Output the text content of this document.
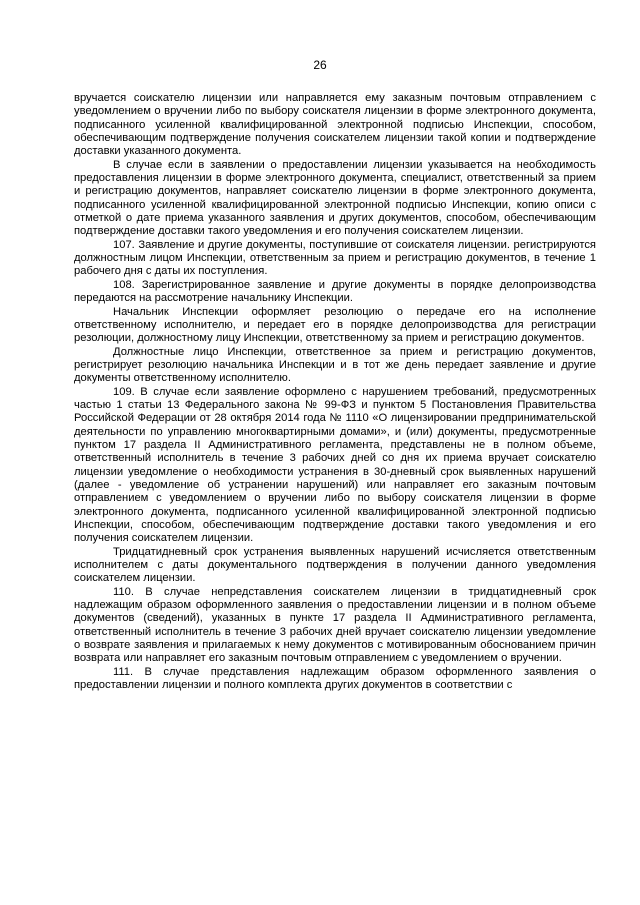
26

вручается соискателю лицензии или направляется ему заказным почтовым отправлением с уведомлением о вручении либо по выбору соискателя лицензии в форме электронного документа, подписанного усиленной квалифицированной электронной подписью Инспекции, способом, обеспечивающим подтверждение получения соискателем лицензии такой копии и подтверждение доставки указанного документа.

В случае если в заявлении о предоставлении лицензии указывается на необходимость предоставления лицензии в форме электронного документа, специалист, ответственный за прием и регистрацию документов, направляет соискателю лицензии в форме электронного документа, подписанного усиленной квалифицированной электронной подписью Инспекции, копию описи с отметкой о дате приема указанного заявления и других документов, способом, обеспечивающим подтверждение доставки такого уведомления и его получения соискателем лицензии.

107. Заявление и другие документы, поступившие от соискателя лицензии. регистрируются должностным лицом Инспекции, ответственным за прием и регистрацию документов, в течение 1 рабочего дня с даты их поступления.

108. Зарегистрированное заявление и другие документы в порядке делопроизводства передаются на рассмотрение начальнику Инспекции.

Начальник Инспекции оформляет резолюцию о передаче его на исполнение ответственному исполнителю, и передает его в порядке делопроизводства для регистрации резолюции, должностному лицу Инспекции, ответственному за прием и регистрацию документов.

Должностные лицо Инспекции, ответственное за прием и регистрацию документов, регистрирует резолюцию начальника Инспекции и в тот же день передает заявление и другие документы ответственному исполнителю.

109. В случае если заявление оформлено с нарушением требований, предусмотренных частью 1 статьи 13 Федерального закона № 99-ФЗ и пунктом 5 Постановления Правительства Российской Федерации от 28 октября 2014 года № 1110 «О лицензировании предпринимательской деятельности по управлению многоквартирными домами», и (или) документы, предусмотренные пунктом 17 раздела II Административного регламента, представлены не в полном объеме, ответственный исполнитель в течение 3 рабочих дней со дня их приема вручает соискателю лицензии уведомление о необходимости устранения в 30-дневный срок выявленных нарушений (далее - уведомление об устранении нарушений) или направляет его заказным почтовым отправлением с уведомлением о вручении либо по выбору соискателя лицензии в форме электронного документа, подписанного усиленной квалифицированной электронной подписью Инспекции, способом, обеспечивающим подтверждение доставки такого уведомления и его получения соискателем лицензии.

Тридцатидневный срок устранения выявленных нарушений исчисляется ответственным исполнителем с даты документального подтверждения в получении данного уведомления соискателем лицензии.

110. В случае непредставления соискателем лицензии в тридцатидневный срок надлежащим образом оформленного заявления о предоставлении лицензии и в полном объеме документов (сведений), указанных в пункте 17 раздела II Административного регламента, ответственный исполнитель в течение 3 рабочих дней вручает соискателю лицензии уведомление о возврате заявления и прилагаемых к нему документов с мотивированным обоснованием причин возврата или направляет его заказным почтовым отправлением с уведомлением о вручении.

111. В случае представления надлежащим образом оформленного заявления о предоставлении лицензии и полного комплекта других документов в соответствии с
